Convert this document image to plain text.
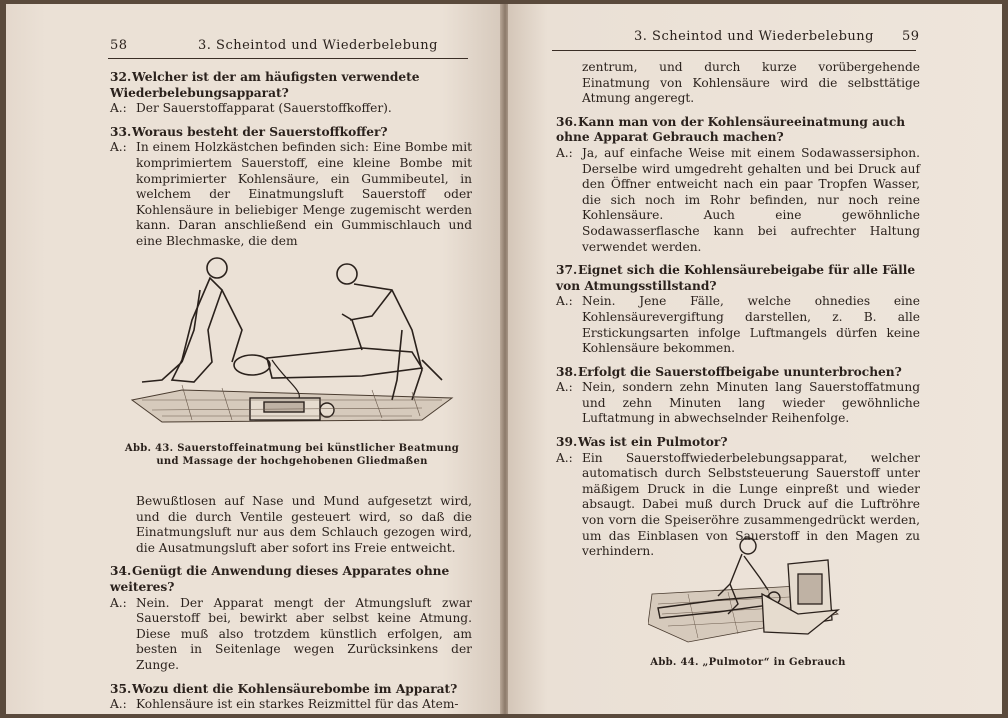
58	3. Scheintod und Wiederbelebung
32.Welcher ist der am häufigsten verwendete Wiederbelebungsapparat?
A.: Der Sauerstoffapparat (Sauerstoffkoffer).
33.Woraus besteht der Sauerstoffkoffer?
A.: In einem Holzkästchen befinden sich: Eine Bombe mit komprimiertem Sauerstoff, eine kleine Bombe mit komprimierter Kohlensäure, ein Gummibeutel, in welchem der Einatmungsluft Sauerstoff oder Kohlensäure in beliebiger Menge zugemischt werden kann. Daran anschließend ein Gummischlauch und eine Blechmaske, die dem
Abb. 43. Sauerstoffeinatmung bei künstlicher Beatmung und Massage der hochgehobenen Gliedmaßen
Bewußtlosen auf Nase und Mund aufgesetzt wird, und die durch Ventile gesteuert wird, so daß die Einatmungsluft nur aus dem Schlauch gezogen wird, die Ausatmungsluft aber sofort ins Freie entweicht.
34.Genügt die Anwendung dieses Apparates ohne weiteres?
A.: Nein. Der Apparat mengt der Atmungsluft zwar Sauerstoff bei, bewirkt aber selbst keine Atmung. Diese muß also trotzdem künstlich erfolgen, am besten in Seitenlage wegen Zurücksinkens der Zunge.
35.Wozu dient die Kohlensäurebombe im Apparat?
A.: Kohlensäure ist ein starkes Reizmittel für das Atem-
3. Scheintod und Wiederbelebung 59
zentrum, und durch kurze vorübergehende Einatmung von Kohlensäure wird die selbsttätige Atmung angeregt.
36.Kann man von der Kohlensäureeinatmung auch ohne Apparat Gebrauch machen?
A.: Ja, auf einfache Weise mit einem Sodawassersiphon. Derselbe wird umgedreht gehalten und bei Druck auf den Öffner entweicht nach ein paar Tropfen Wasser, die sich noch im Rohr befinden, nur noch reine Kohlensäure. Auch eine gewöhnliche Sodawasserflasche kann bei aufrechter Haltung verwendet werden.
37.Eignet sich die Kohlensäurebeigabe für alle Fälle von Atmungsstillstand?
A.: Nein. Jene Fälle, welche ohnedies eine Kohlensäurevergiftung darstellen, z. B. alle Erstickungsarten infolge Luftmangels dürfen keine Kohlensäure bekommen.
38.Erfolgt die Sauerstoffbeigabe ununterbrochen?
A.: Nein, sondern zehn Minuten lang Sauerstoffatmung und zehn Minuten lang wieder gewöhnliche Luftatmung in abwechselnder Reihenfolge.
39.Was ist ein Pulmotor?
A.: Ein Sauerstoffwiederbelebungsapparat, welcher automatisch durch Selbststeuerung Sauerstoff unter mäßigem Druck in die Lunge einpreßt und wieder absaugt. Dabei muß durch Druck auf die Luftröhre von vorn die Speiseröhre zusammengedrückt werden, um das Einblasen von Sauerstoff in den Magen zu verhindern.
Abb. 44. „Pulmotor“ in Gebrauch
